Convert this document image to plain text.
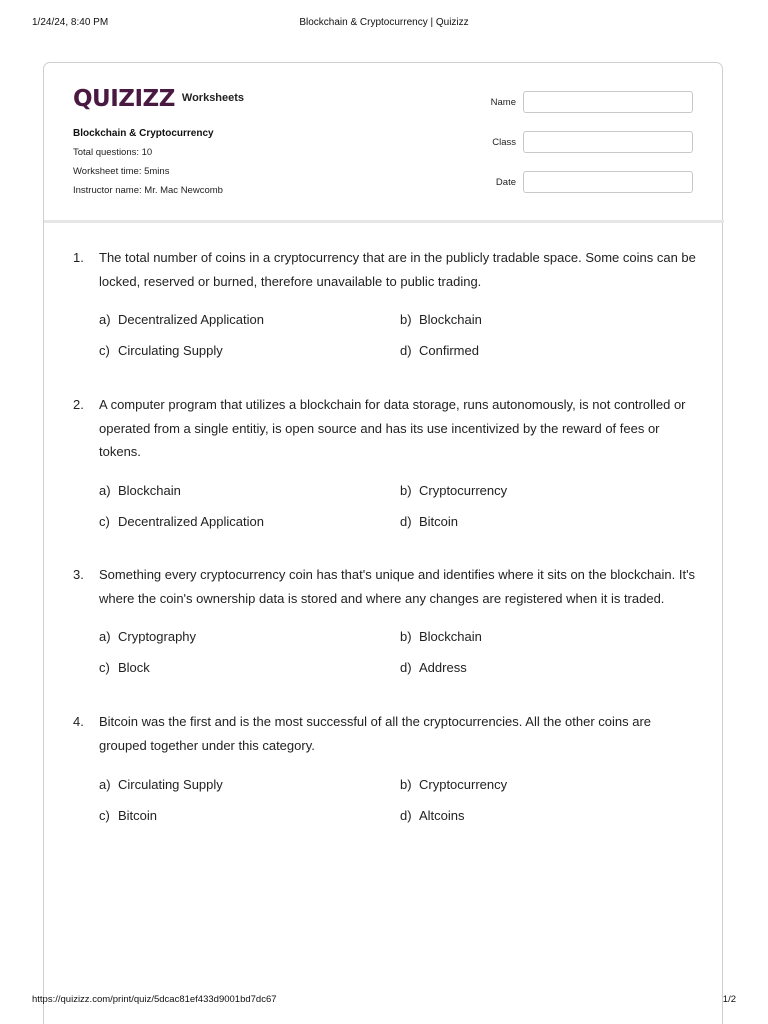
1/24/24, 8:40 PM	Blockchain & Cryptocurrency | Quizizz
QUIZIZZ Worksheets
Blockchain & Cryptocurrency
Total questions: 10
Worksheet time: 5mins
Instructor name: Mr. Mac Newcomb
Name
Class
Date
1. The total number of coins in a cryptocurrency that are in the publicly tradable space. Some coins can be locked, reserved or burned, therefore unavailable to public trading.
a) Decentralized Application	b) Blockchain
c) Circulating Supply	d) Confirmed
2. A computer program that utilizes a blockchain for data storage, runs autonomously, is not controlled or operated from a single entitiy, is open source and has its use incentivized by the reward of fees or tokens.
a) Blockchain	b) Cryptocurrency
c) Decentralized Application	d) Bitcoin
3. Something every cryptocurrency coin has that's unique and identifies where it sits on the blockchain. It's where the coin's ownership data is stored and where any changes are registered when it is traded.
a) Cryptography	b) Blockchain
c) Block	d) Address
4. Bitcoin was the first and is the most successful of all the cryptocurrencies. All the other coins are grouped together under this category.
a) Circulating Supply	b) Cryptocurrency
c) Bitcoin	d) Altcoins
https://quizizz.com/print/quiz/5dcac81ef433d9001bd7dc67	1/2
